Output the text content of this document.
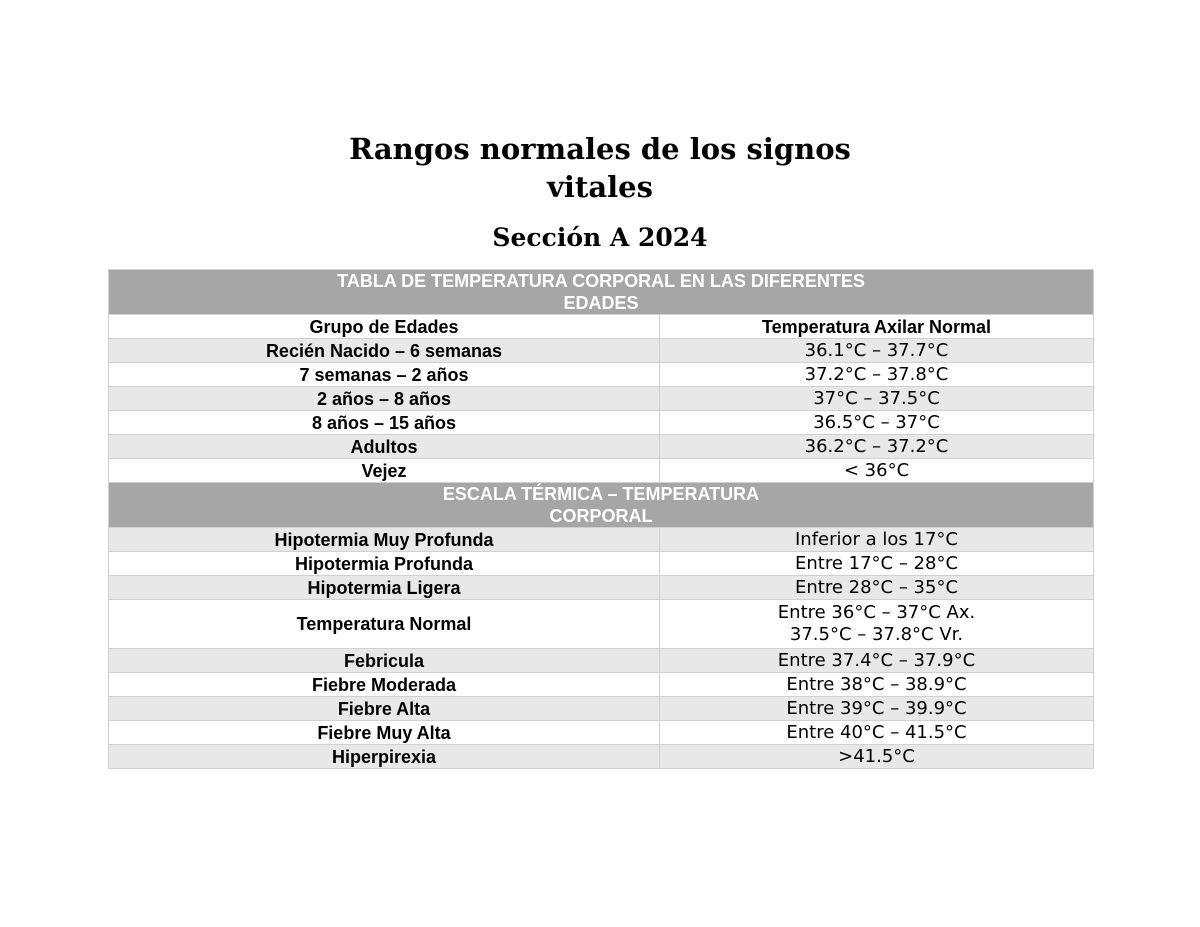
Rangos normales de los signos
vitales
Sección A 2024
TABLA DE TEMPERATURA CORPORAL EN LAS DIFERENTES
EDADES	

Grupo de Edades	Temperatura Axilar Normal
Recién Nacido – 6 semanas	36.1°C – 37.7°C
7 semanas – 2 años	37.2°C – 37.8°C
2 años – 8 años	37°C – 37.5°C
8 años – 15 años	36.5°C – 37°C
Adultos	36.2°C – 37.2°C
Vejez	< 36°C

ESCALA TÉRMICA – TEMPERATURA
CORPORAL	

Hipotermia Muy Profunda	Inferior a los 17°C
Hipotermia Profunda	Entre 17°C – 28°C
Hipotermia Ligera	Entre 28°C – 35°C
Temperatura Normal	Entre 36°C – 37°C Ax.
37.5°C – 37.8°C Vr.

Febricula	Entre 37.4°C – 37.9°C
Fiebre Moderada	Entre 38°C – 38.9°C
Fiebre Alta	Entre 39°C – 39.9°C
Fiebre Muy Alta	Entre 40°C – 41.5°C
Hiperpirexia	>41.5°C
